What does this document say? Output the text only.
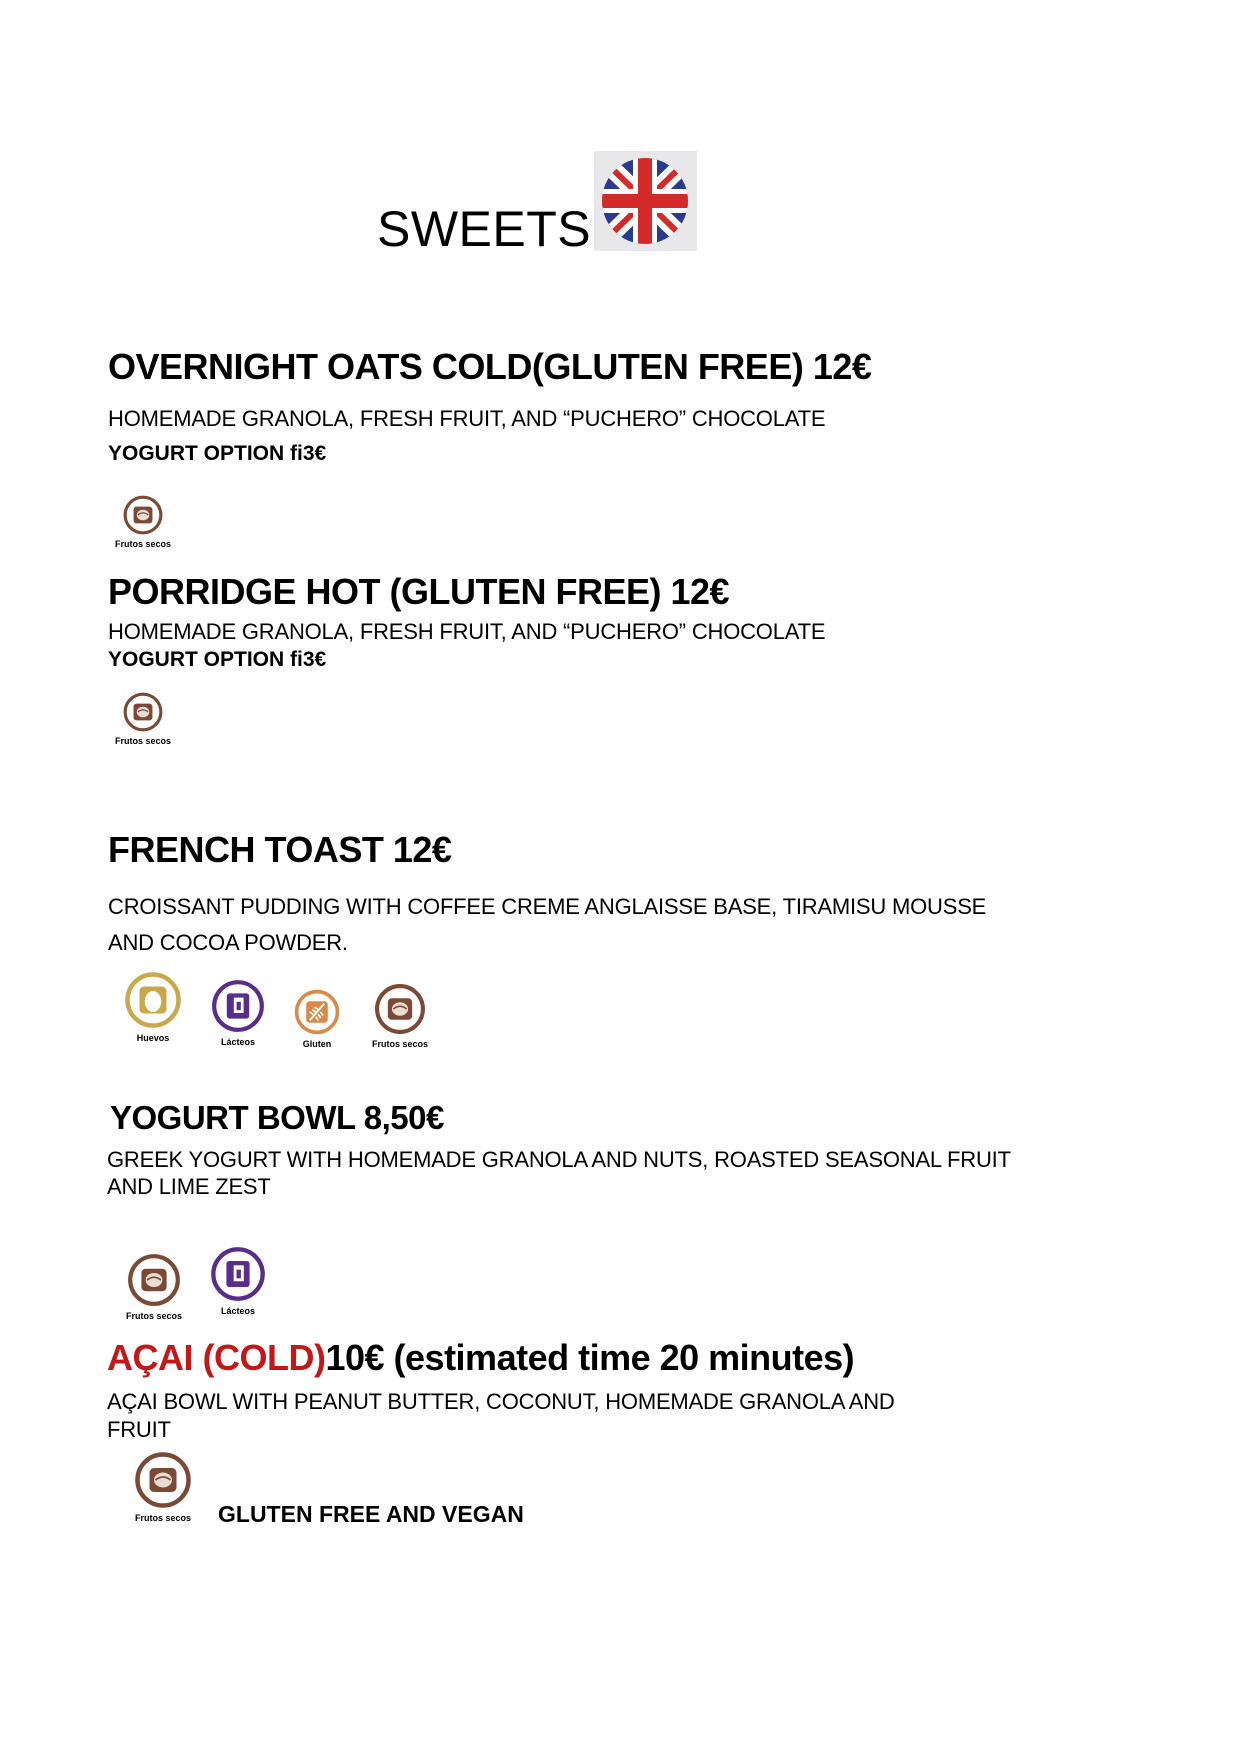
SWEETS
OVERNIGHT OATS COLD(GLUTEN FREE) 12€
HOMEMADE GRANOLA, FRESH FRUIT, AND “PUCHERO” CHOCOLATE
YOGURT OPTION fi3€
Frutos secos
PORRIDGE HOT (GLUTEN FREE) 12€
HOMEMADE GRANOLA, FRESH FRUIT, AND “PUCHERO” CHOCOLATE
YOGURT OPTION fi3€
Frutos secos
FRENCH TOAST 12€
CROISSANT PUDDING WITH COFFEE CREME ANGLAISSE BASE, TIRAMISU MOUSSE
AND COCOA POWDER.
Huevos	Lácteos	Gluten	Frutos secos
YOGURT BOWL 8,50€
GREEK YOGURT WITH HOMEMADE GRANOLA AND NUTS, ROASTED SEASONAL FRUIT
AND LIME ZEST
Frutos secos	Lácteos
AÇAI (COLD)10€ (estimated time 20 minutes)
AÇAI BOWL WITH PEANUT BUTTER, COCONUT, HOMEMADE GRANOLA AND
FRUIT
Frutos secos GLUTEN FREE AND VEGAN
